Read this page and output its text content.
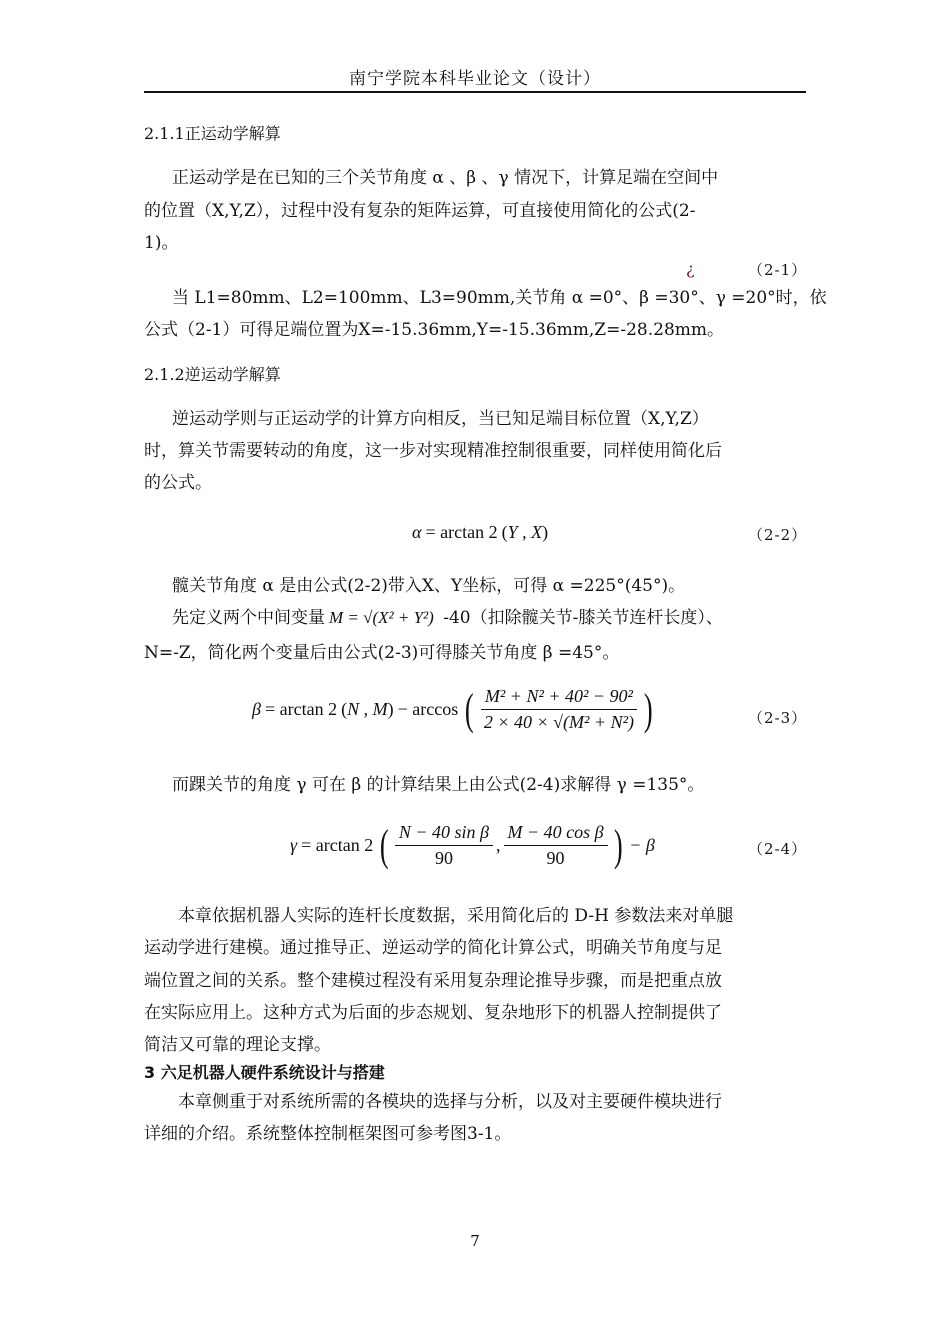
南宁学院本科毕业论文（设计）
2.1.1正运动学解算
正运动学是在已知的三个关节角度 α 、β 、γ 情况下，计算足端在空间中
的位置（X,Y,Z），过程中没有复杂的矩阵运算，可直接使用简化的公式(2-
1)。
¿	（2-1）
当 L1=80mm、L2=100mm、L3=90mm,关节角 α =0°、β =30°、γ =20°时，依
公式（2-1）可得足端位置为X=-15.36mm,Y=-15.36mm,Z=-28.28mm。
2.1.2逆运动学解算
逆运动学则与正运动学的计算方向相反，当已知足端目标位置（X,Y,Z）
时，算关节需要转动的角度，这一步对实现精准控制很重要，同样使用简化后
的公式。
α = arctan 2 ( Y , X )	（2-2）
髋关节角度 α 是由公式(2-2)带入X、Y坐标，可得 α =225°(45°)。
先定义两个中间变量 M = √(X² + Y²) -40（扣除髋关节-膝关节连杆长度）、
N=-Z，简化两个变量后由公式(2-3)可得膝关节角度 β =45°。
β = arctan 2 ( N , M ) − arccos ( $\frac{\text{M² + N² + 40² − 90²}}{\text{2 × 40 × √(M² + N²)}}$ )	（2-3）
而踝关节的角度 γ 可在 β 的计算结果上由公式(2-4)求解得 γ =135°。
γ = arctan 2 ( $\frac{\text{N − 40 sin β}}{90}$ , $\frac{\text{M − 40 cos β}}{90}$ ) − β	（2-4）
本章依据机器人实际的连杆长度数据，采用简化后的 D-H 参数法来对单腿
运动学进行建模。通过推导正、逆运动学的简化计算公式，明确关节角度与足
端位置之间的关系。整个建模过程没有采用复杂理论推导步骤，而是把重点放
在实际应用上。这种方式为后面的步态规划、复杂地形下的机器人控制提供了
简洁又可靠的理论支撑。
3 六足机器人硬件系统设计与搭建
本章侧重于对系统所需的各模块的选择与分析，以及对主要硬件模块进行
详细的介绍。系统整体控制框架图可参考图3-1。
7
